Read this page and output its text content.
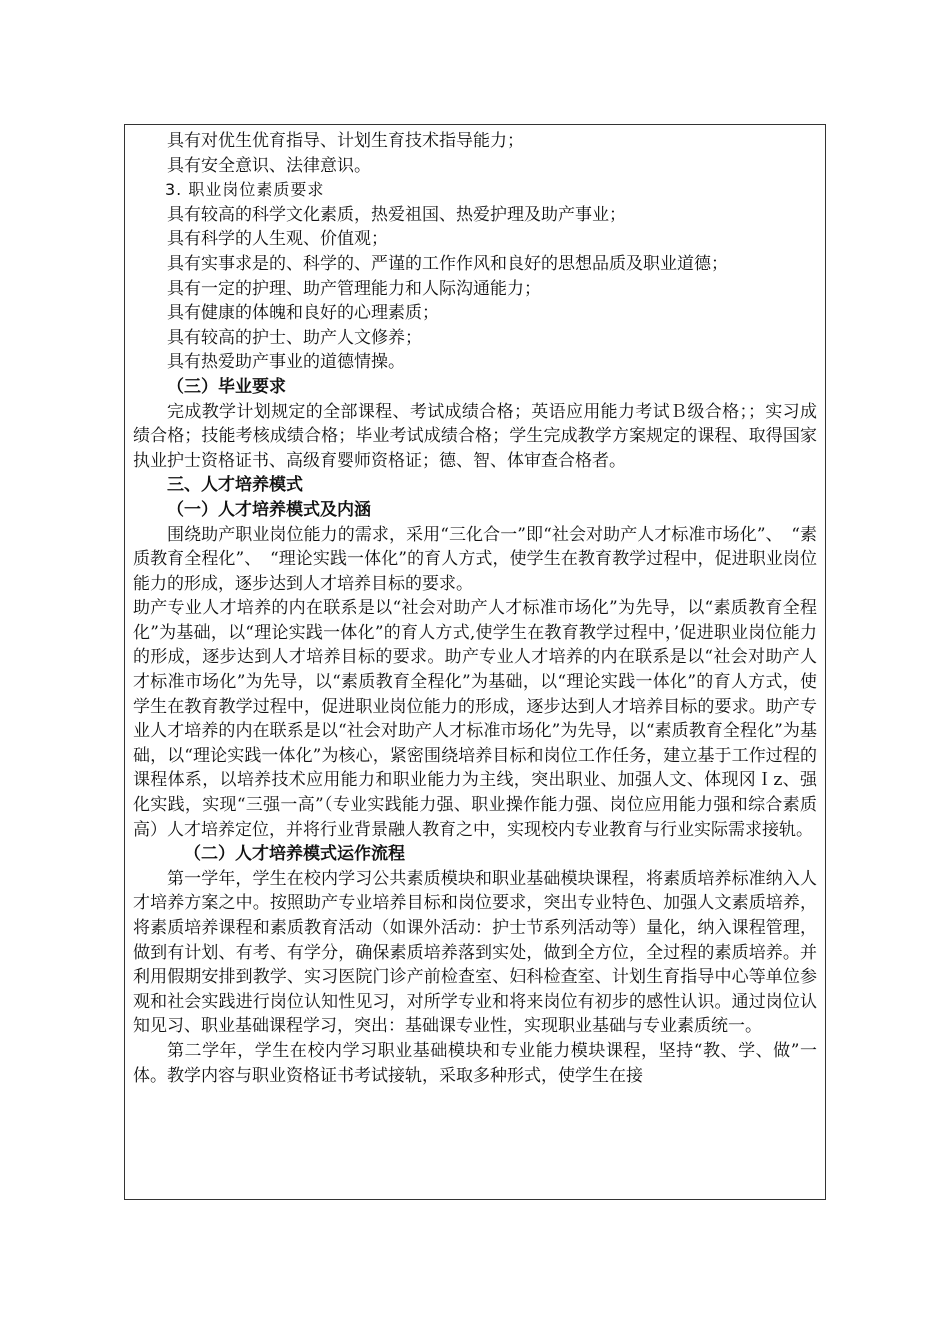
具有对优生优育指导、计划生育技术指导能力；

具有安全意识、法律意识。

3. 职业岗位素质要求

具有较高的科学文化素质，热爱祖国、热爱护理及助产事业；

具有科学的人生观、价值观；

具有实事求是的、科学的、严谨的工作作风和良好的思想品质及职业道德；

具有一定的护理、助产管理能力和人际沟通能力；

具有健康的体魄和良好的心理素质；

具有较高的护士、助产人文修养；

具有热爱助产事业的道德情操。

（三）毕业要求

完成教学计划规定的全部课程、考试成绩合格；英语应用能力考试Ｂ级合格；；实习成绩合格；技能考核成绩合格；毕业考试成绩合格；学生完成教学方案规定的课程、取得国家执业护士资格证书、高级育婴师资格证；德、智、体审查合格者。

三、人才培养模式

（一）人才培养模式及内涵

围绕助产职业岗位能力的需求，采用“三化合一”即“社会对助产人才标准市场化”、　“素质教育全程化”、　“理论实践一体化”的育人方式，使学生在教育教学过程中，促进职业岗位能力的形成，逐步达到人才培养目标的要求。

助产专业人才培养的内在联系是以“社会对助产人才标准市场化”为先导，以“素质教育全程化”为基础，以“理论实践一体化”的育人方式,使学生在教育教学过程中，’促进职业岗位能力的形成，逐步达到人才培养目标的要求。助产专业人才培养的内在联系是以“社会对助产人才标准市场化”为先导，以“素质教育全程化”为基础，以“理论实践一体化”的育人方式，使学生在教育教学过程中，促进职业岗位能力的形成，逐步达到人才培养目标的要求。助产专业人才培养的内在联系是以“社会对助产人才标准市场化”为先导，以“素质教育全程化”为基础，以“理论实践一体化”为核心，紧密围绕培养目标和岗位工作任务，建立基于工作过程的课程体系，以培养技术应用能力和职业能力为主线，突出职业、加强人文、体现冈Ｉz、强化实践，实现“三强一高”（专业实践能力强、职业操作能力强、岗位应用能力强和综合素质高）人才培养定位，并将行业背景融人教育之中，实现校内专业教育与行业实际需求接轨。

（二）人才培养模式运作流程

第一学年，学生在校内学习公共素质模块和职业基础模块课程，将素质培养标准纳入人才培养方案之中。按照助产专业培养目标和岗位要求，突出专业特色、加强人文素质培养，将素质培养课程和素质教育活动（如课外活动：护士节系列活动等）量化，纳入课程管理，做到有计划、有考、有学分，确保素质培养落到实处，做到全方位，全过程的素质培养。并利用假期安排到教学、实习医院门诊产前检查室、妇科检查室、计划生育指导中心等单位参观和社会实践进行岗位认知性见习，对所学专业和将来岗位有初步的感性认识。通过岗位认知见习、职业基础课程学习，突出：基础课专业性，实现职业基础与专业素质统一。

第二学年，学生在校内学习职业基础模块和专业能力模块课程，坚持“教、学、做”一体。教学内容与职业资格证书考试接轨，采取多种形式，使学生在接
